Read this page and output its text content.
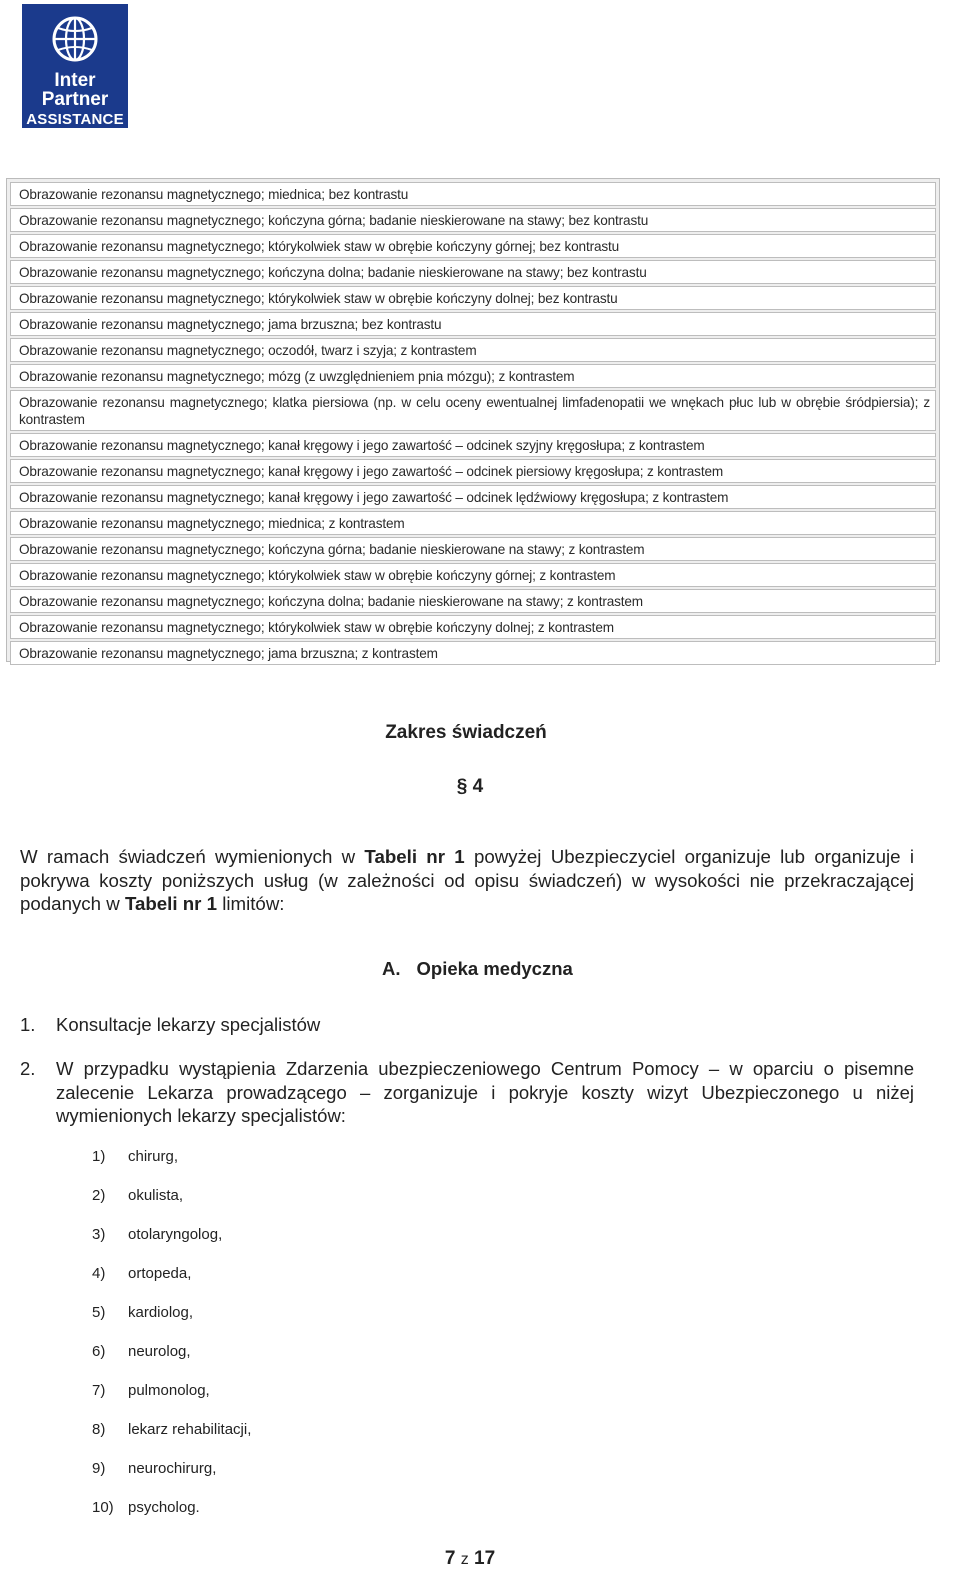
Inter
Partner
ASSISTANCE
Obrazowanie rezonansu magnetycznego; miednica; bez kontrastu
Obrazowanie rezonansu magnetycznego; kończyna górna; badanie nieskierowane na stawy; bez kontrastu
Obrazowanie rezonansu magnetycznego; którykolwiek staw w obrębie kończyny górnej; bez kontrastu
Obrazowanie rezonansu magnetycznego; kończyna dolna; badanie nieskierowane na stawy; bez kontrastu
Obrazowanie rezonansu magnetycznego; którykolwiek staw w obrębie kończyny dolnej; bez kontrastu
Obrazowanie rezonansu magnetycznego; jama brzuszna; bez kontrastu
Obrazowanie rezonansu magnetycznego; oczodół, twarz i szyja; z kontrastem
Obrazowanie rezonansu magnetycznego; mózg (z uwzględnieniem pnia mózgu); z kontrastem
Obrazowanie rezonansu magnetycznego; klatka piersiowa (np. w celu oceny ewentualnej limfadenopatii we wnękach płuc lub w obrębie śródpiersia); z kontrastem
Obrazowanie rezonansu magnetycznego; kanał kręgowy i jego zawartość – odcinek szyjny kręgosłupa; z kontrastem
Obrazowanie rezonansu magnetycznego; kanał kręgowy i jego zawartość – odcinek piersiowy kręgosłupa; z kontrastem
Obrazowanie rezonansu magnetycznego; kanał kręgowy i jego zawartość – odcinek lędźwiowy kręgosłupa; z kontrastem
Obrazowanie rezonansu magnetycznego; miednica; z kontrastem
Obrazowanie rezonansu magnetycznego; kończyna górna; badanie nieskierowane na stawy; z kontrastem
Obrazowanie rezonansu magnetycznego; którykolwiek staw w obrębie kończyny górnej; z kontrastem
Obrazowanie rezonansu magnetycznego; kończyna dolna; badanie nieskierowane na stawy; z kontrastem
Obrazowanie rezonansu magnetycznego; którykolwiek staw w obrębie kończyny dolnej; z kontrastem
Obrazowanie rezonansu magnetycznego; jama brzuszna; z kontrastem
Zakres świadczeń
§ 4
W ramach świadczeń wymienionych w Tabeli nr 1 powyżej Ubezpieczyciel organizuje lub organizuje i pokrywa koszty poniższych usług (w zależności od opisu świadczeń) w wysokości nie przekraczającej podanych w Tabeli nr 1 limitów:
A. Opieka medyczna
1. Konsultacje lekarzy specjalistów
2. W przypadku wystąpienia Zdarzenia ubezpieczeniowego Centrum Pomocy – w oparciu o pisemne zalecenie Lekarza prowadzącego – zorganizuje i pokryje koszty wizyt Ubezpieczonego u niżej wymienionych lekarzy specjalistów:
1) chirurg,
2) okulista,
3) otolaryngolog,
4) ortopeda,
5) kardiolog,
6) neurolog,
7) pulmonolog,
8) lekarz rehabilitacji,
9) neurochirurg,
10) psycholog.
7 z 17
